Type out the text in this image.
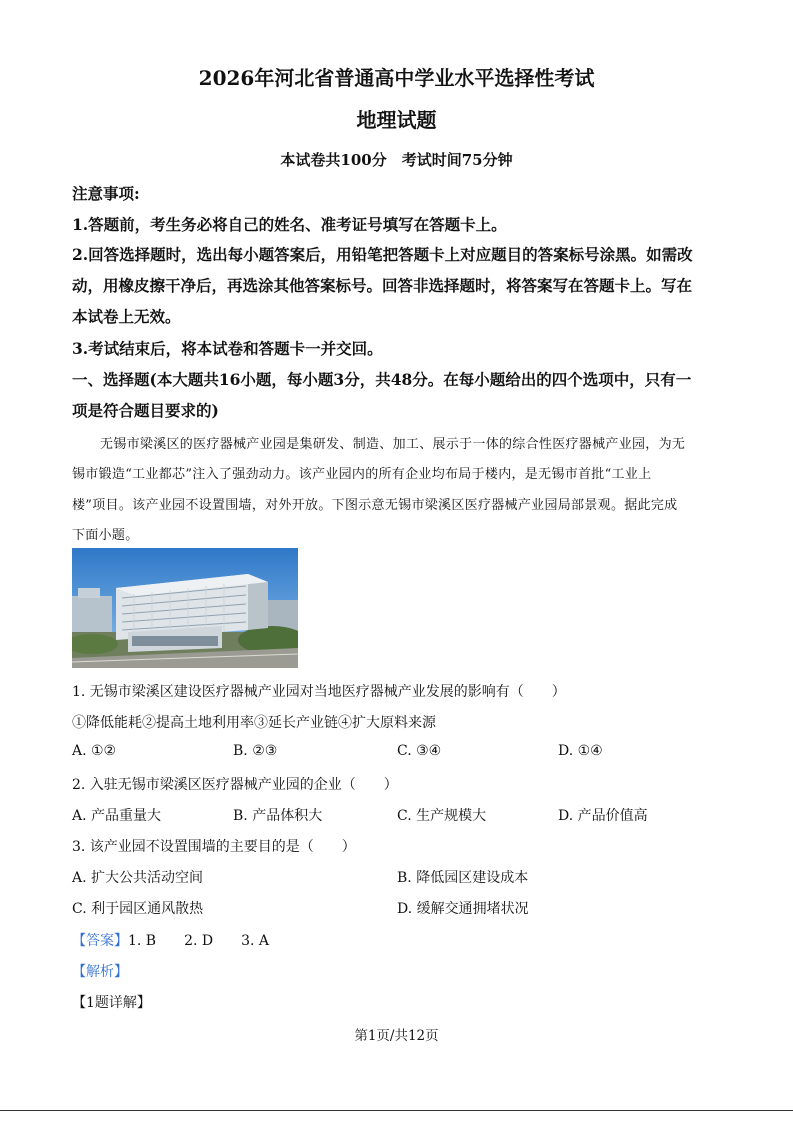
2026年河北省普通高中学业水平选择性考试
地理试题
本试卷共100分　考试时间75分钟
注意事项:
1.答题前，考生务必将自己的姓名、准考证号填写在答题卡上。
2.回答选择题时，选出每小题答案后，用铅笔把答题卡上对应题目的答案标号涂黑。如需改
动，用橡皮擦干净后，再选涂其他答案标号。回答非选择题时，将答案写在答题卡上。写在
本试卷上无效。
3.考试结束后，将本试卷和答题卡一并交回。
一、选择题(本大题共16小题，每小题3分，共48分。在每小题给出的四个选项中，只有一
项是符合题目要求的)
无锡市梁溪区的医疗器械产业园是集研发、制造、加工、展示于一体的综合性医疗器械产业园，为无
锡市锻造“工业都芯”注入了强劲动力。该产业园内的所有企业均布局于楼内，是无锡市首批“工业上
楼”项目。该产业园不设置围墙，对外开放。下图示意无锡市梁溪区医疗器械产业园局部景观。据此完成
下面小题。
1. 无锡市梁溪区建设医疗器械产业园对当地医疗器械产业发展的影响有（　　）
①降低能耗②提高土地利用率③延长产业链④扩大原料来源
A. ①②	B. ②③	C. ③④	D. ①④
2. 入驻无锡市梁溪区医疗器械产业园的企业（　　）
A. 产品重量大	B. 产品体积大	C. 生产规模大	D. 产品价值高
3. 该产业园不设置围墙的主要目的是（　　）
A. 扩大公共活动空间	B. 降低园区建设成本
C. 利于园区通风散热	D. 缓解交通拥堵状况
【答案】1. B　　2. D　　3. A
【解析】
【1题详解】
第1页/共12页
